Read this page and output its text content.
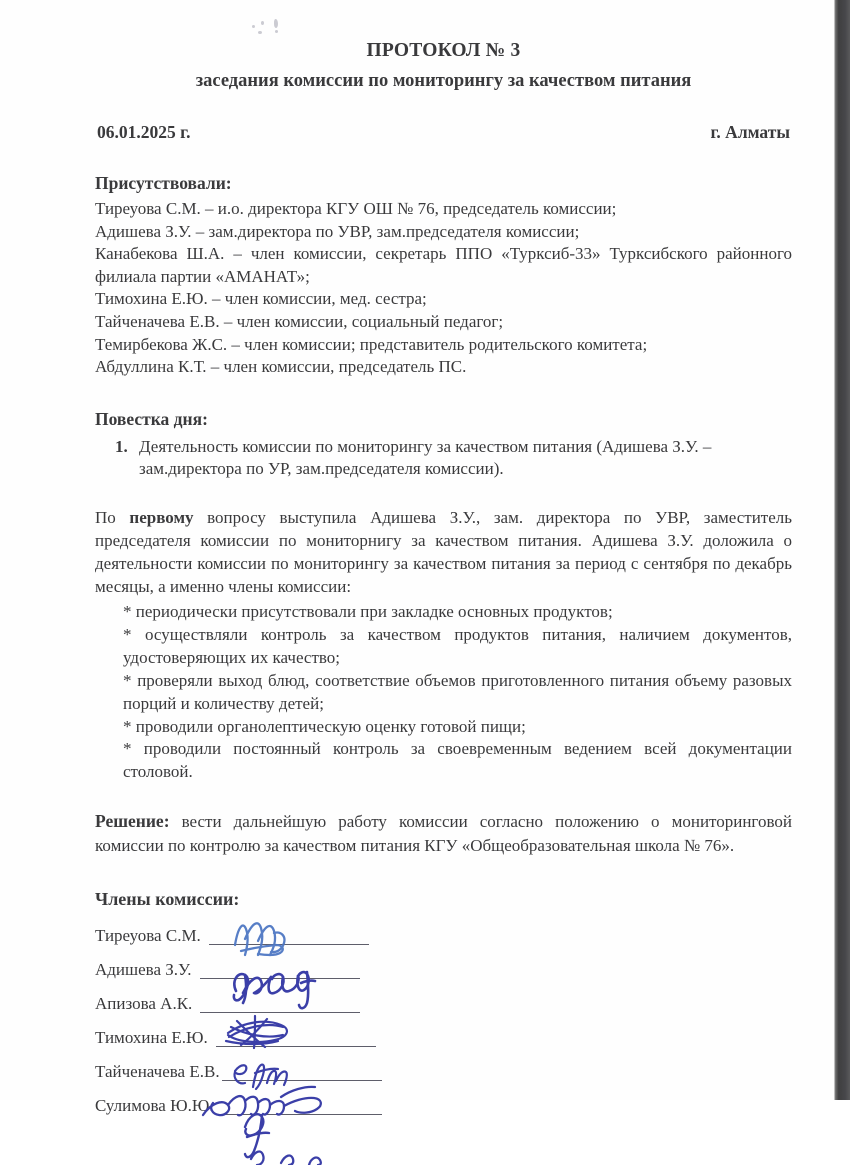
ПРОТОКОЛ № 3
заседания комиссии по мониторингу за качеством питания
06.01.2025 г.	г. Алматы
Присутствовали:

Тиреуова С.М. – и.о. директора КГУ ОШ № 76, председатель комиссии;

Адишева З.У. – зам.директора по УВР, зам.председателя комиссии;

Канабекова Ш.А. – член комиссии, секретарь ППО «Турксиб-33» Турксибского районного филиала партии «АМАНАТ»;

Тимохина Е.Ю. – член комиссии, мед. сестра;

Тайченачева Е.В. – член комиссии, социальный педагог;

Темирбекова Ж.С. – член комиссии; представитель родительского комитета;

Абдуллина К.Т. – член комиссии, председатель ПС.

Повестка дня:
Деятельность комиссии по мониторингу за качеством питания (Адишева З.У. – зам.директора по УР, зам.председателя комиссии).

По первому вопросу выступила Адишева З.У., зам. директора по УВР, заместитель председателя комиссии по мониторнигу за качеством питания. Адишева З.У. доложила о деятельности комиссии по мониторингу за качеством питания за период с сентября по декабрь месяцы, а именно члены комиссии:

* периодически присутствовали при закладке основных продуктов;
* осуществляли контроль за качеством продуктов питания, наличием документов, удостоверяющих их качество;
* проверяли выход блюд, соответствие объемов приготовленного питания объему разовых порций и количеству детей;
* проводили органолептическую оценку готовой пищи;
* проводили постоянный контроль за своевременным ведением всей документации столовой.

Решение: вести дальнейшую работу комиссии согласно положению о мониторинговой комиссии по контролю за качеством питания КГУ «Общеобразовательная школа № 76».

Члены комиссии:
Тиреуова С.М.
Адишева З.У.
Апизова А.К.
Тимохина Е.Ю.
Тайченачева Е.В.
Сулимова Ю.Ю.
